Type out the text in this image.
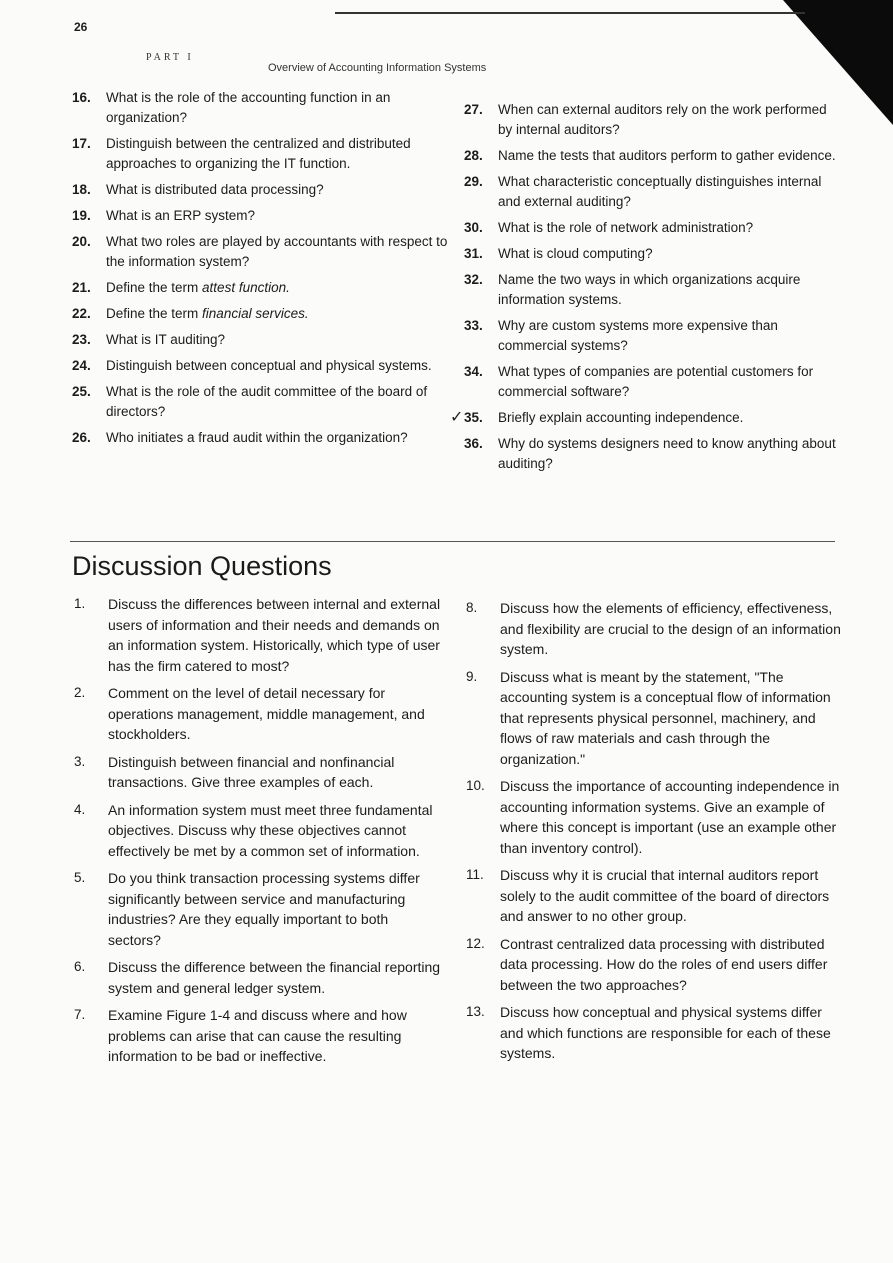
26
PART I
Overview of Accounting Information Systems
16.	What is the role of the accounting function in an organization?
17.	Distinguish between the centralized and distributed approaches to organizing the IT function.
18.	What is distributed data processing?
19.	What is an ERP system?
20.	What two roles are played by accountants with respect to the information system?
21.	Define the term attest function.
22.	Define the term financial services.
23.	What is IT auditing?
24.	Distinguish between conceptual and physical systems.
25.	What is the role of the audit committee of the board of directors?
26.	Who initiates a fraud audit within the organization?
27.	When can external auditors rely on the work performed by internal auditors?
28.	Name the tests that auditors perform to gather evidence.
29.	What characteristic conceptually distinguishes internal and external auditing?
30.	What is the role of network administration?
31.	What is cloud computing?
32.	Name the two ways in which organizations acquire information systems.
33.	Why are custom systems more expensive than commercial systems?
34.	What types of companies are potential customers for commercial software?
✓ 35.	Briefly explain accounting independence.
36.	Why do systems designers need to know anything about auditing?
Discussion Questions
1.	Discuss the differences between internal and external users of information and their needs and demands on an information system. Historically, which type of user has the firm catered to most?
2.	Comment on the level of detail necessary for operations management, middle management, and stockholders.
3.	Distinguish between financial and nonfinancial transactions. Give three examples of each.
4.	An information system must meet three fundamental objectives. Discuss why these objectives cannot effectively be met by a common set of information.
5.	Do you think transaction processing systems differ significantly between service and manufacturing industries? Are they equally important to both sectors?
6.	Discuss the difference between the financial reporting system and general ledger system.
7.	Examine Figure 1-4 and discuss where and how problems can arise that can cause the resulting information to be bad or ineffective.
8.	Discuss how the elements of efficiency, effectiveness, and flexibility are crucial to the design of an information system.
9.	Discuss what is meant by the statement, "The accounting system is a conceptual flow of information that represents physical personnel, machinery, and flows of raw materials and cash through the organization."
10.	Discuss the importance of accounting independence in accounting information systems. Give an example of where this concept is important (use an example other than inventory control).
11.	Discuss why it is crucial that internal auditors report solely to the audit committee of the board of directors and answer to no other group.
12.	Contrast centralized data processing with distributed data processing. How do the roles of end users differ between the two approaches?
13.	Discuss how conceptual and physical systems differ and which functions are responsible for each of these systems.
